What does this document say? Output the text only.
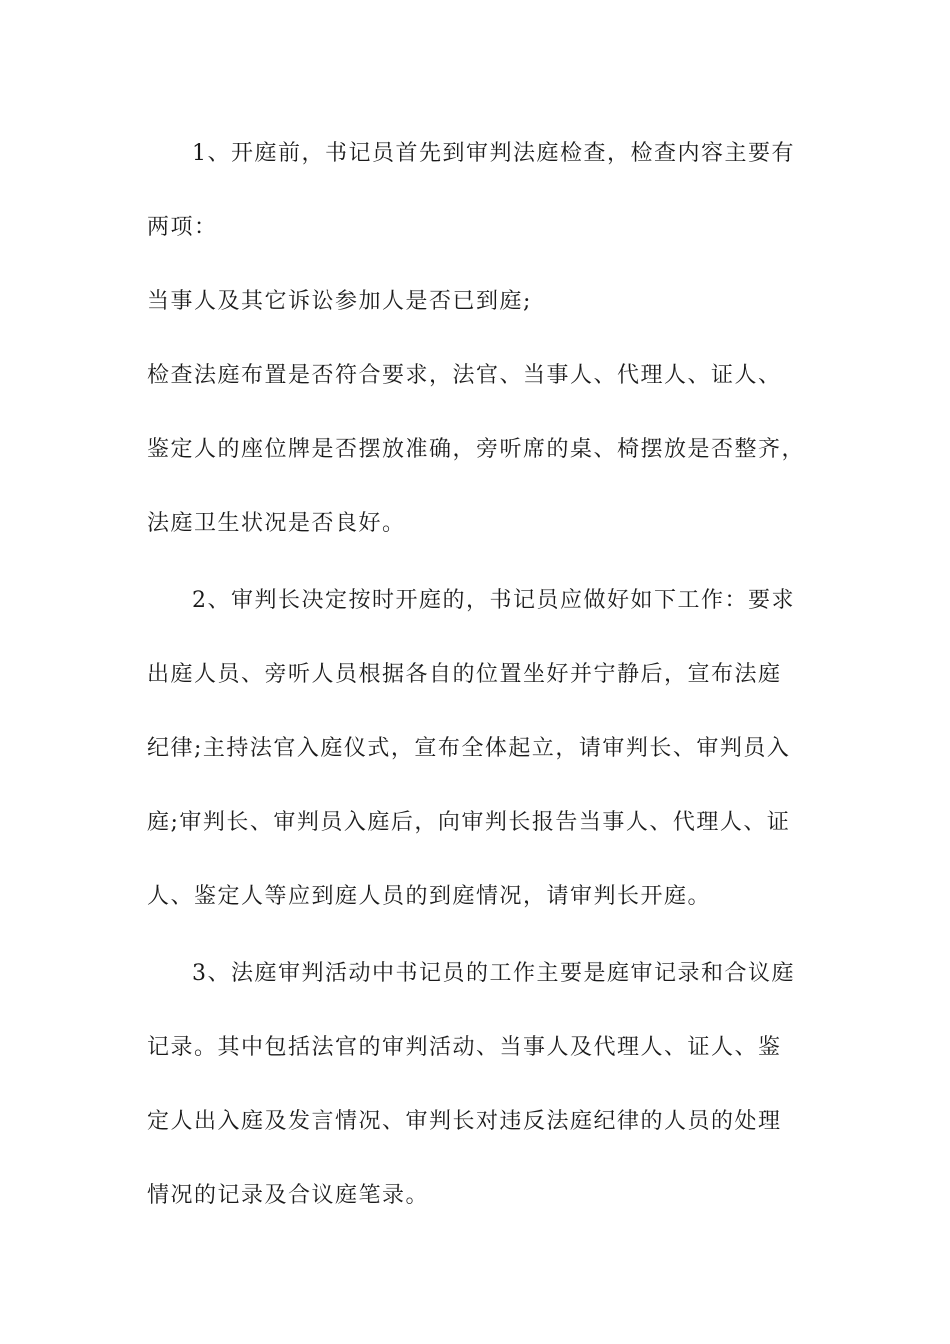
1、开庭前，书记员首先到审判法庭检查，检查内容主要有
两项：
当事人及其它诉讼参加人是否已到庭;
检查法庭布置是否符合要求，法官、当事人、代理人、证人、
鉴定人的座位牌是否摆放准确，旁听席的桌、椅摆放是否整齐，
法庭卫生状况是否良好。
2、审判长决定按时开庭的，书记员应做好如下工作：要求
出庭人员、旁听人员根据各自的位置坐好并宁静后，宣布法庭
纪律;主持法官入庭仪式，宣布全体起立，请审判长、审判员入
庭;审判长、审判员入庭后，向审判长报告当事人、代理人、证
人、鉴定人等应到庭人员的到庭情况，请审判长开庭。
3、法庭审判活动中书记员的工作主要是庭审记录和合议庭
记录。其中包括法官的审判活动、当事人及代理人、证人、鉴
定人出入庭及发言情况、审判长对违反法庭纪律的人员的处理
情况的记录及合议庭笔录。
